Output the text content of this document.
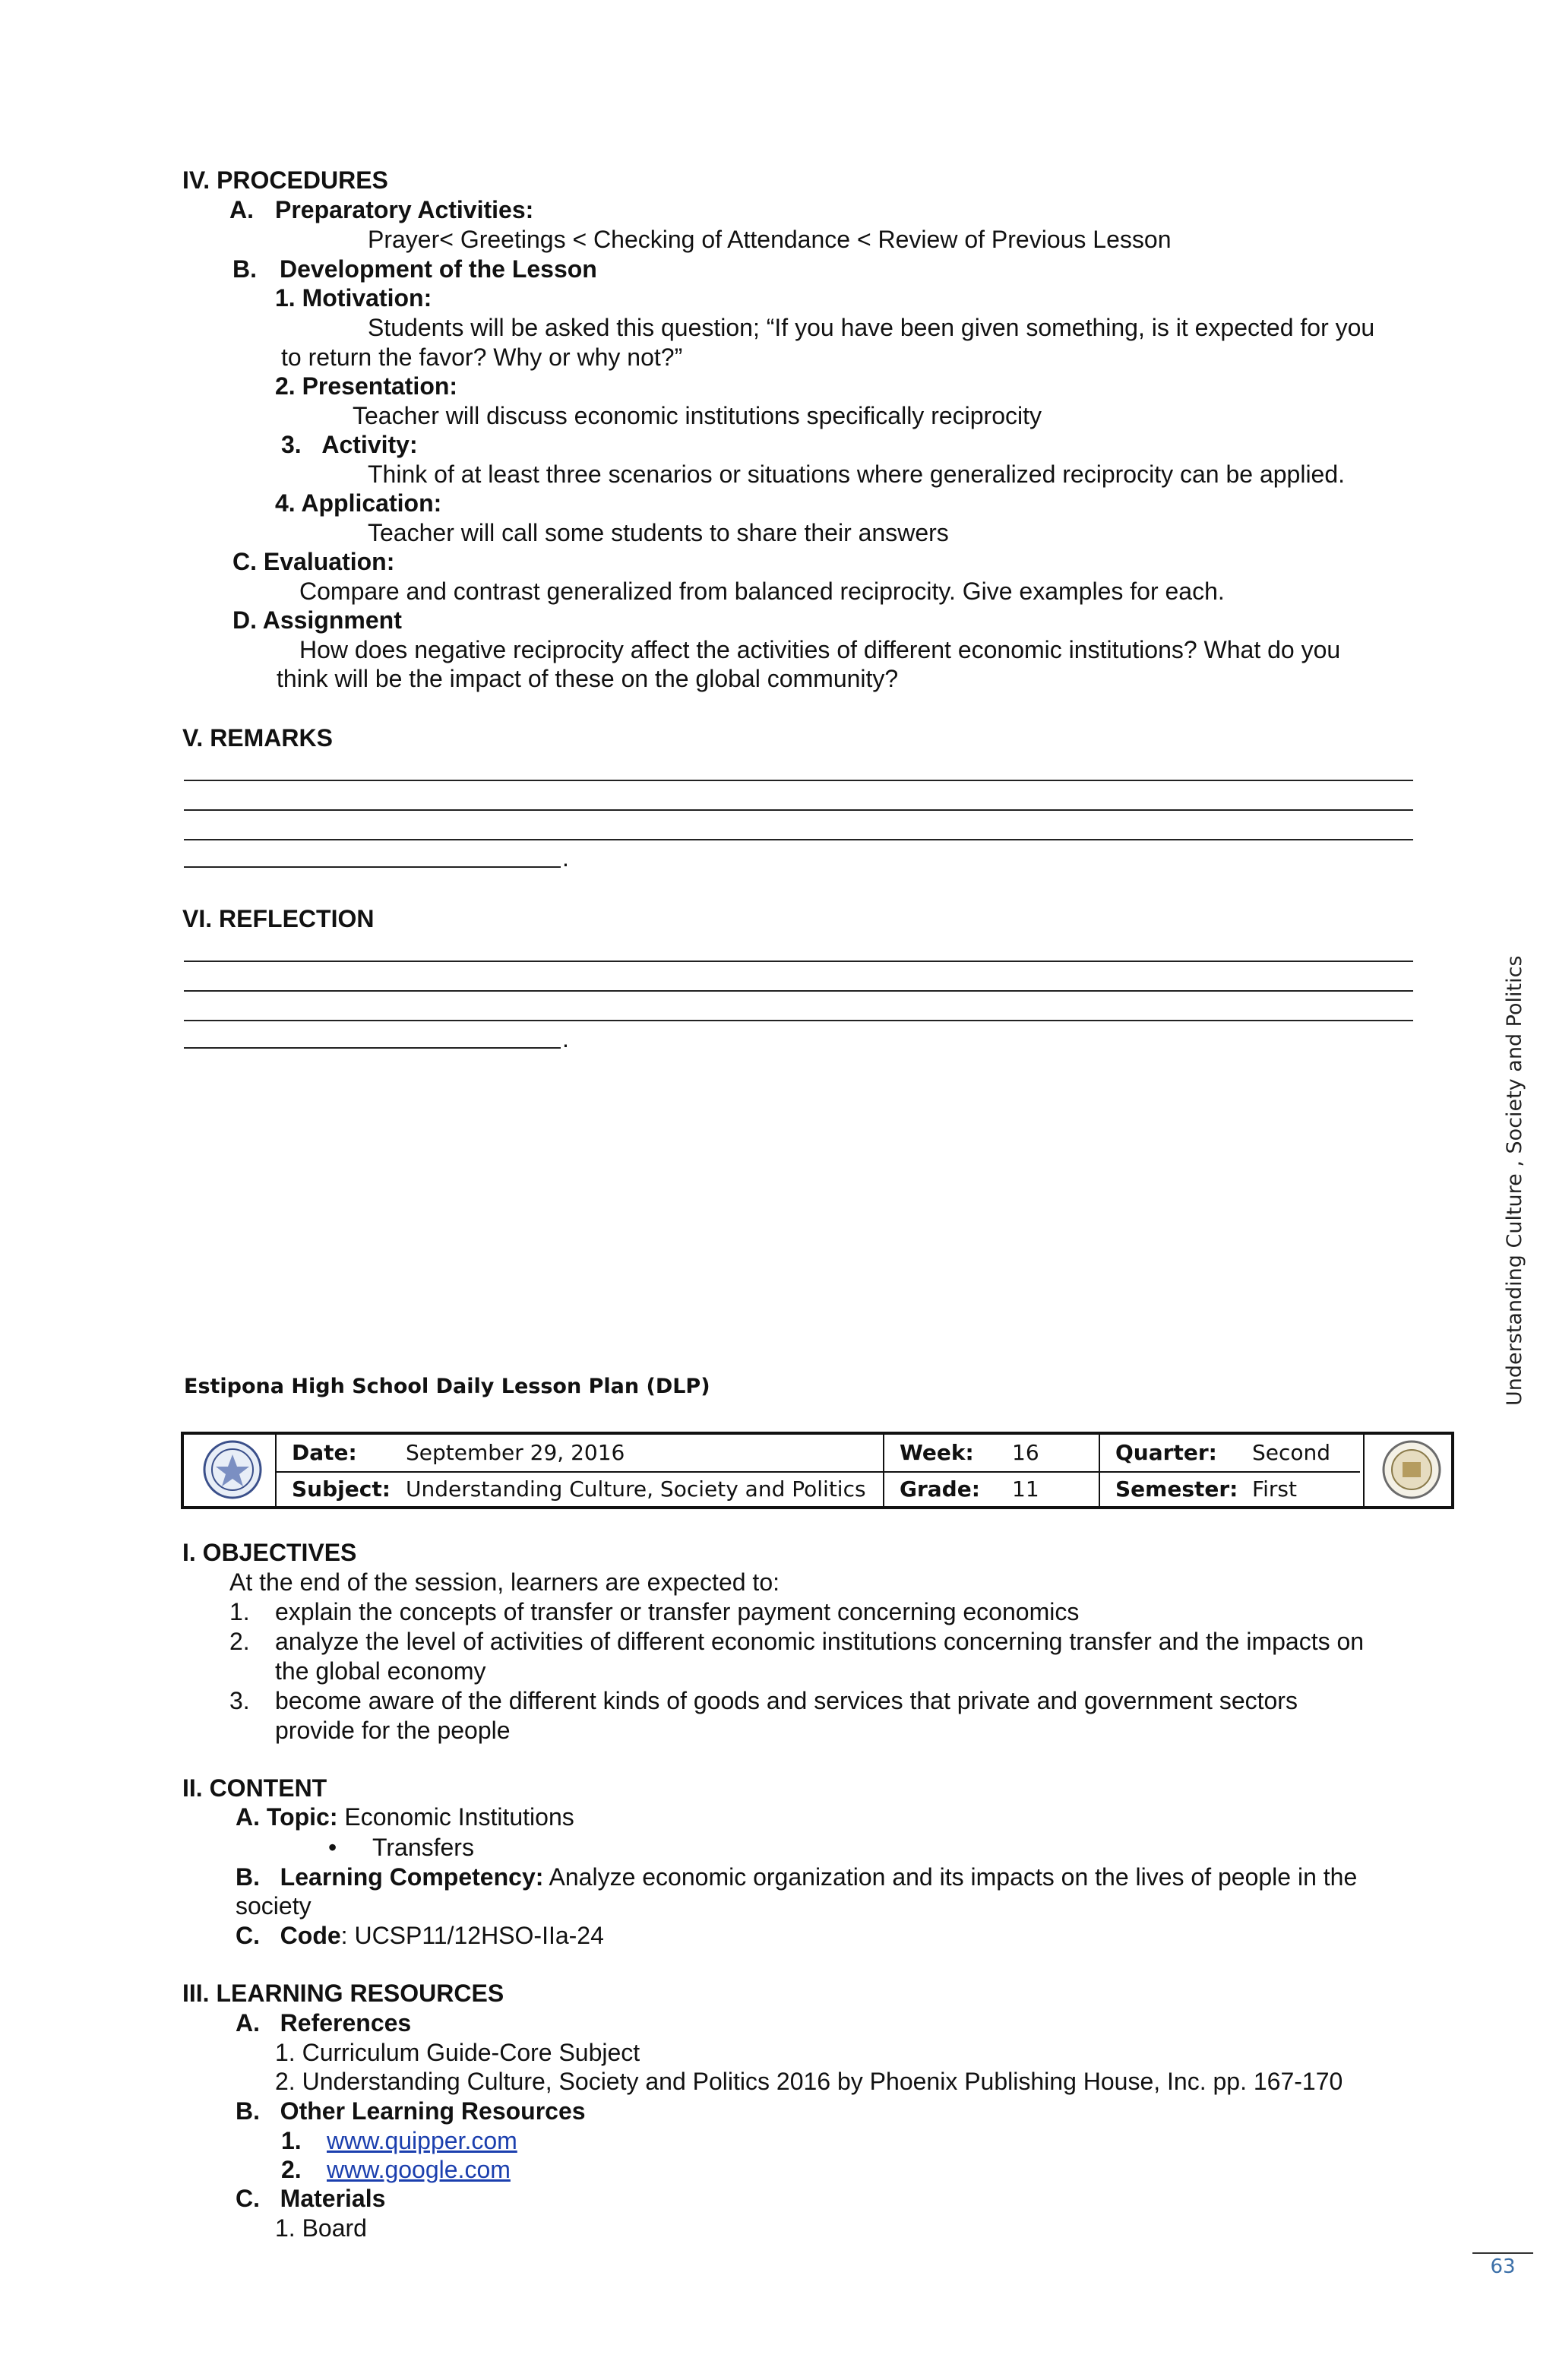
IV. PROCEDURES
A. Preparatory Activities:
Prayer< Greetings < Checking of Attendance < Review of Previous Lesson
B. Development of the Lesson
1. Motivation:
Students will be asked this question; “If you have been given something, is it expected for you
to return the favor? Why or why not?”
2. Presentation:
Teacher will discuss economic institutions specifically reciprocity
3.   Activity:
Think of at least three scenarios or situations where generalized reciprocity can be applied.
4. Application:
Teacher will call some students to share their answers
C. Evaluation:
Compare and contrast generalized from balanced reciprocity. Give examples for each.
D. Assignment
How does negative reciprocity affect the activities of different economic institutions? What do you
think will be the impact of these on the global community?
V. REMARKS
.
VI. REFLECTION
.	Understanding Culture , Society and Politics
Estipona High School Daily Lesson Plan (DLP)
Date: September 29, 2016	Week: 16	Quarter: Second
Subject: Understanding Culture, Society and Politics Grade: 11	Semester: First
I. OBJECTIVES
At the end of the session, learners are expected to:
1. explain the concepts of transfer or transfer payment concerning economics
2. analyze the level of activities of different economic institutions concerning transfer and the impacts on
the global economy
3. become aware of the different kinds of goods and services that private and government sectors
provide for the people
II. CONTENT
A. Topic: Economic Institutions
• Transfers
B.   Learning Competency: Analyze economic organization and its impacts on the lives of people in the
society
C.   Code: UCSP11/12HSO-IIa-24
III. LEARNING RESOURCES
A.   References
1. Curriculum Guide-Core Subject
2. Understanding Culture, Society and Politics 2016 by Phoenix Publishing House, Inc. pp. 167-170
B.   Other Learning Resources
1. www.quipper.com
2. www.google.com
C.   Materials
1. Board
63
